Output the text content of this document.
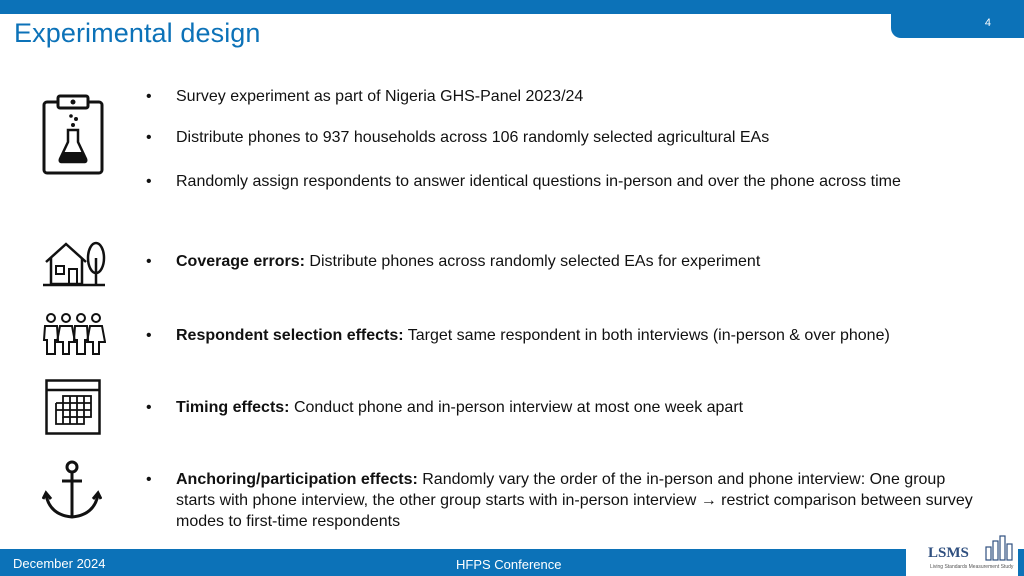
4
Experimental design
• Survey experiment as part of Nigeria GHS-Panel 2023/24
• Distribute phones to 937 households across 106 randomly selected agricultural EAs
• Randomly assign respondents to answer identical questions in-person and over the phone across time
• Coverage errors: Distribute phones across randomly selected EAs for experiment
• Respondent selection effects: Target same respondent in both interviews (in-person & over phone)
• Timing effects: Conduct phone and in-person interview at most one week apart
• Anchoring/participation effects: Randomly vary the order of the in-person and phone interview: One group starts with phone interview, the other group starts with in-person interview → restrict comparison between survey modes to first-time respondents
December 2024	HFPS Conference
LSMS
Living Standards Measurement Study
